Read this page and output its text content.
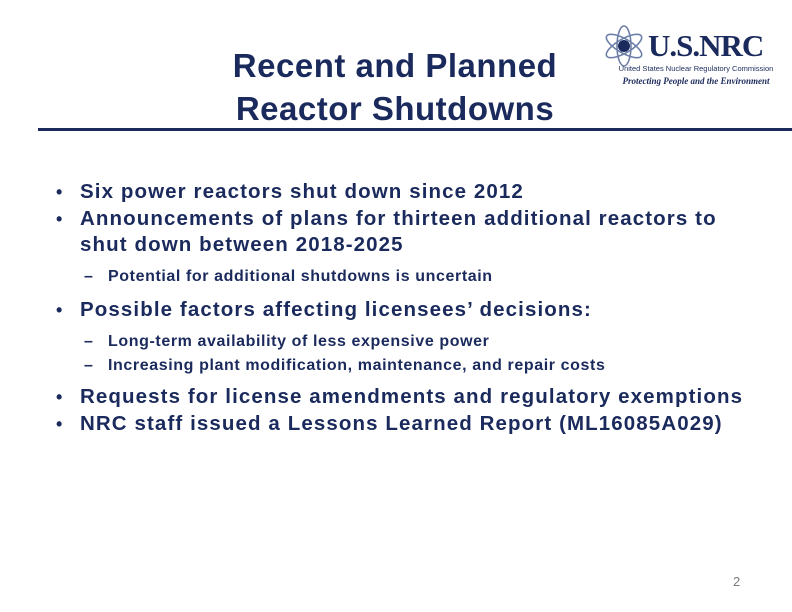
Recent and Planned
Reactor Shutdowns
U.S.NRC
United States Nuclear Regulatory Commission
Protecting People and the Environment
• Six power reactors shut down since 2012
• Announcements of plans for thirteen additional reactors to shut down between 2018-2025
– Potential for additional shutdowns is uncertain
• Possible factors affecting licensees’ decisions:
– Long-term availability of less expensive power
– Increasing plant modification, maintenance, and repair costs
• Requests for license amendments and regulatory exemptions
• NRC staff issued a Lessons Learned Report (ML16085A029)
2
